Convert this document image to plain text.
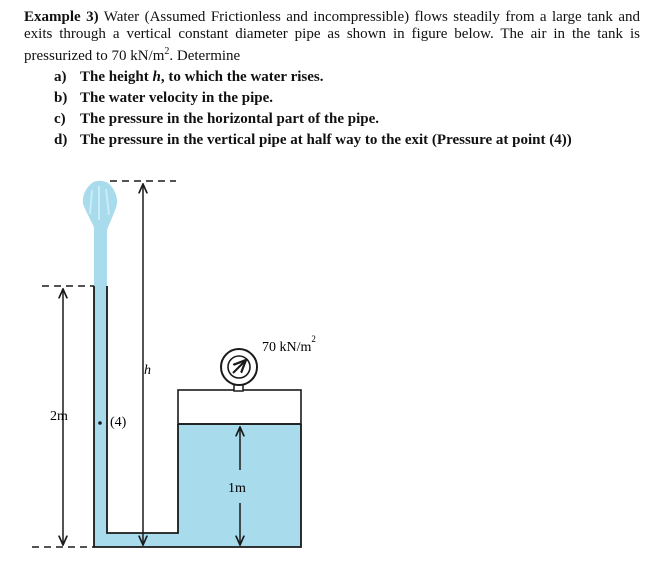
Example 3) Water (Assumed Frictionless and incompressible) flows steadily from a large tank and exits through a vertical constant diameter pipe as shown in figure below. The air in the tank is pressurized to 70 $kN/m^2$. Determine

a) The height h, to which the water rises.
b) The water velocity in the pipe.
c) The pressure in the horizontal part of the pipe.
d) The pressure in the vertical pipe at half way to the exit (Pressure at point (4))
70 $kN/m^2$
h
2m	(4)
1m
